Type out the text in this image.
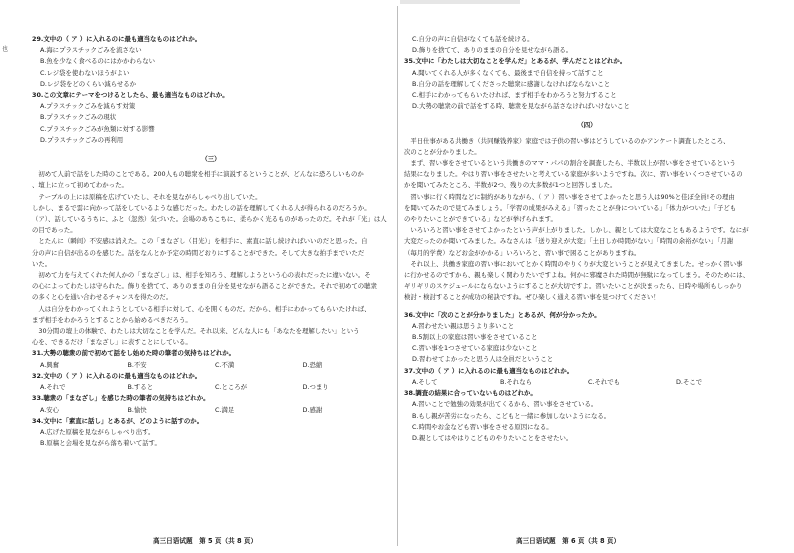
也
29.文中の（ ア ）に入れるのに最も適当なものはどれか。
A.海にプラスチックごみを流さない
B.魚を少なく食べるのにはかかわらない
C.レジ袋を使わないほうがよい
D.レジ袋をどのくらい減らせるか
30.この文章にテーマをつけるとしたら、最も適当なものはどれか。
A.プラスチックごみを減らす対策
B.プラスチックごみの現状
C.プラスチックごみが魚類に対する影響
D.プラスチックごみの再利用
（三）
　初めて人前で話をした時のことである。200人もの聴衆を相手に演説するということが、どんなに恐ろしいものか
、壇上に立って初めてわかった。
　テーブルの上には原稿を広げていたし、それを見ながらしゃべり出していた。
しかし、まるで雲に向かって話をしているような感じだった。わたしの話を理解してくれる人が得られるのだろうか。
（ア）、話しているうちに、ふと（忽然）気づいた。会場のあちこちに、柔らかく光るものがあったのだ。それが「光」は人
の目であった。
　とたんに（瞬间）不安感は消えた。この「まなざし（目光）」を相手に、素直に話し続ければいいのだと思った。自
分の声に自信が出るのを感じた。話をなんとか予定の時間どおりにすることができた。そして大きな拍手までいただ
いた。
　初めて力を与えてくれた何人かの「まなざし」は、相手を知ろう、理解しようという心の表れだったに違いない。そ
の心によってわたしは守られた。飾りを捨てて、ありのままの自分を見せながら語ることができた。それで初めての聴衆
の多くと心を通い合わせるチャンスを得たのだ。
　人は自分をわかってくれようとしている相手に対して、心を開くものだ。だから、相手にわかってもらいたければ、
まず相手をわかろうとすることから始めるべきだろう。
　30分間の壇上の体験で、わたしは大切なことを学んだ。それ以来、どんな人にも「あなたを理解したい」という
心を、できるだけ「まなざし」に表すことにしている。
31.大勢の聴衆の前で初めて話をし始めた時の筆者の気持ちはどれか。
A.興奮	B.不安	C.不満	D.恐縮
32.文中の（ ア ）に入れるのに最も適当なものはどれか。
A.それで	B.すると	C.ところが	D.つまり
33.聴衆の「まなざし」を感じた時の筆者の気持ちはどれか。
A.安心	B.愉快	C.満足	D.感謝
34.文中に「素直に話し」とあるが、どのように話すのか。
A.広げた原稿を見ながらしゃべり出す。
B.原稿と会場を見ながら落ち着いて話す。
C.自分の声に自信がなくても話を続ける。
D.飾りを捨てて、ありのままの自分を見せながら語る。
35.文中に「わたしは大切なことを学んだ」とあるが、学んだことはどれか。
A.聞いてくれる人が多くなくても、最後まで自信を持って話すこと
B.自分の話を理解してくださった聴衆に感謝しなければならないこと
C.相手にわかってもらいたければ、まず相手をわかろうと努力すること
D.大勢の聴衆の前で話をする時、聴衆を見ながら話さなければいけないこと
（四）
　平日仕事がある共働き（共同赚钱养家）家庭では子供の習い事はどうしているのかアンケート調査したところ、
次のことが分かりました。
　まず、習い事をさせているという共働きのママ・パパの割合を調査したら、半数以上が習い事をさせているという
結果になりました。やはり習い事をさせたいと考えている家庭が多いようですね。次に、習い事をいくつさせているの
かを聞いてみたところ、半数が2つ、残りの大多数が1つと回答しました。
　習い事に行く時間などに制約がありながら、（ ア ）習い事をさせてよかったと思う人は90%と佳ぼ全員!その理由
を聞いてみたので見てみましょう。「学習の成果がみえる」「習ったことが身についている」「体力がついた」「子ども
のやりたいことができている」などが挙げられます。
　いろいろと習い事をさせてよかったという声が上がりました。しかし、親としては大変なこともあるようです。なにが
大変だったのか聞いてみました。みなさんは「送り迎えが大変」「土日しか時間がない」「時間の余裕がない」「月謝
（毎月的学费）などお金がかかる」いろいろと、習い事で困ることがありますね。
　それ以上、共働き家庭の習い事においてとかく時間のやりくりが大変ということが見えてきました。せっかく習い事
に行かせるのですから、親も楽しく関わりたいですよね。何かに邪魔された時間が無駄になってしまう。そのためには、
ギリギリのスケジュールにならないようにすることが大切ですよ。習いたいことが決まったら、日時や場所もしっかり
検討・検討することが成功の秘訣ですね。ぜひ楽しく通える習い事を見つけてください！
36.文中に「次のことが分かりました」とあるが、何が分かったか。
A.習わせたい親は思うより多いこと
B.5割以上の家庭は習い事をさせていること
C.習い事を1つさせている家庭は少ないこと
D.習わせてよかったと思う人は全員だということ
37.文中の（ ア ）に入れるのに最も適当なものはどれか。
A.そして	B.それなら	C.それでも	D.そこで
38.調査の結果に合っていないものはどれか。
A.習いことで勉強の効果が出てくるから、習い事をさせている。
B.もし親が苦労になったら、こどもと一緒に参加しないようになる。
C.時間やお金なども習い事をさせる原因になる。
D.親としてはやはりこどものやりたいことをさせたい。
高三日语试题　第 5 页（共 8 页）	高三日语试题　第 6 页（共 8 页）
